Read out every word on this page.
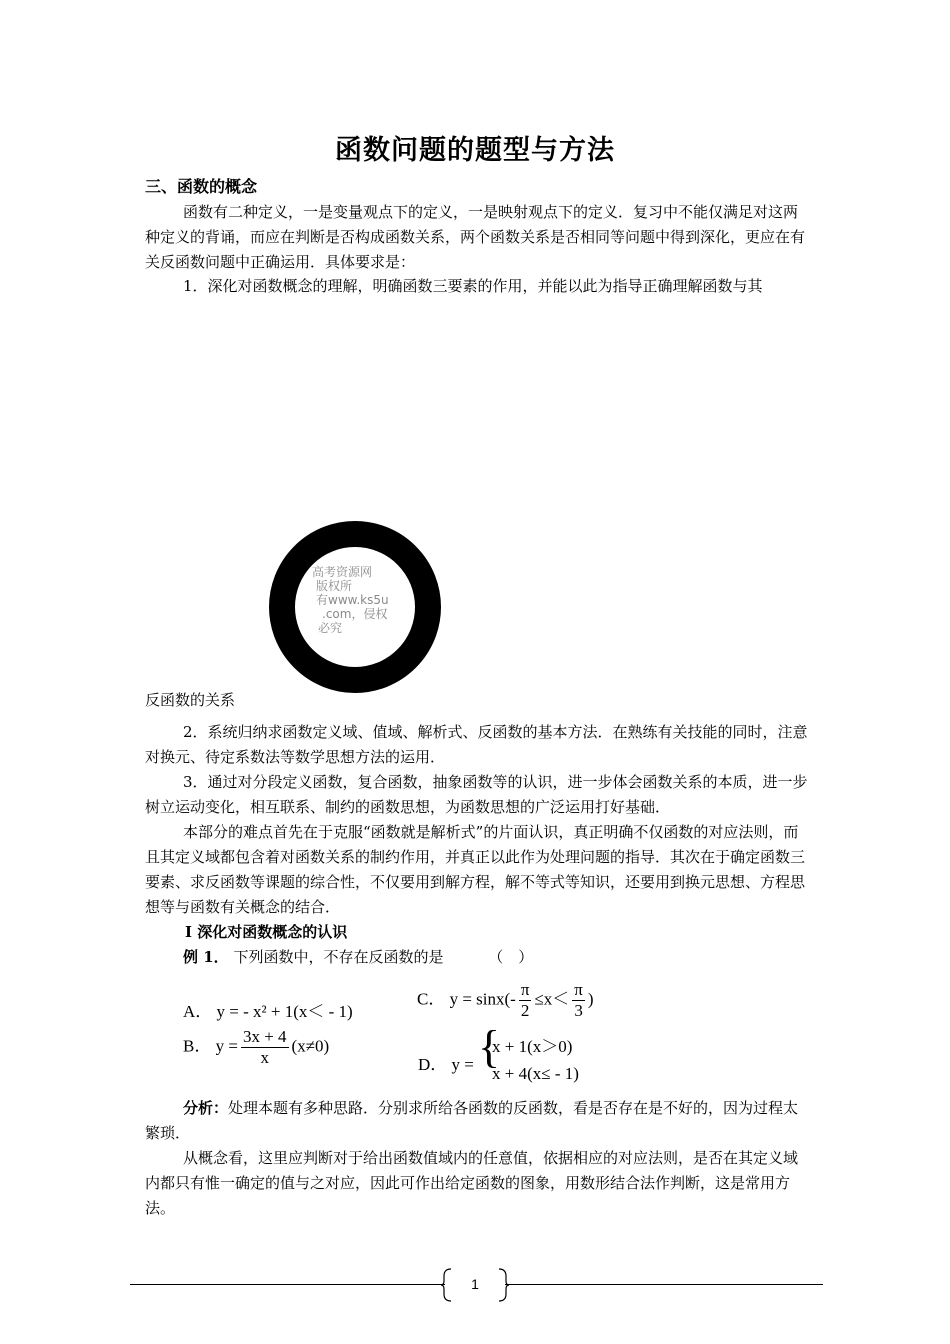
函数问题的题型与方法

三、函数的概念

函数有二种定义，一是变量观点下的定义，一是映射观点下的定义．复习中不能仅满足对这两种定义的背诵，而应在判断是否构成函数关系，两个函数关系是否相同等问题中得到深化，更应在有关反函数问题中正确运用．具体要求是：

1．深化对函数概念的理解，明确函数三要素的作用，并能以此为指导正确理解函数与其

高考资源网
版权所
有www.ks5u
.com，侵权
必究

反函数的关系

2．系统归纳求函数定义域、值域、解析式、反函数的基本方法．在熟练有关技能的同时，注意对换元、待定系数法等数学思想方法的运用．

3．通过对分段定义函数，复合函数，抽象函数等的认识，进一步体会函数关系的本质，进一步树立运动变化，相互联系、制约的函数思想，为函数思想的广泛运用打好基础．

本部分的难点首先在于克服“函数就是解析式”的片面认识，真正明确不仅函数的对应法则，而且其定义域都包含着对函数关系的制约作用，并真正以此作为处理问题的指导．其次在于确定函数三要素、求反函数等课题的综合性，不仅要用到解方程，解不等式等知识，还要用到换元思想、方程思想等与函数有关概念的结合．

Ⅰ 深化对函数概念的认识

例 1． 下列函数中，不存在反函数的是	（　）

A． y = - x² + 1(x＜ - 1)
C． $y = \sin x(- \frac{\pi}{2} \le x< \frac{\pi}{3}$ )
B． $y = \frac{3x + 4}{x} (x\ne 0)$
D． y = {
x + 1(x＞0)
x + 4(x≤ - 1)

分析：处理本题有多种思路．分别求所给各函数的反函数，看是否存在是不好的，因为过程太繁琐．

从概念看，这里应判断对于给出函数值域内的任意值，依据相应的对应法则，是否在其定义域内都只有惟一确定的值与之对应，因此可作出给定函数的图象，用数形结合法作判断，这是常用方法。

1
